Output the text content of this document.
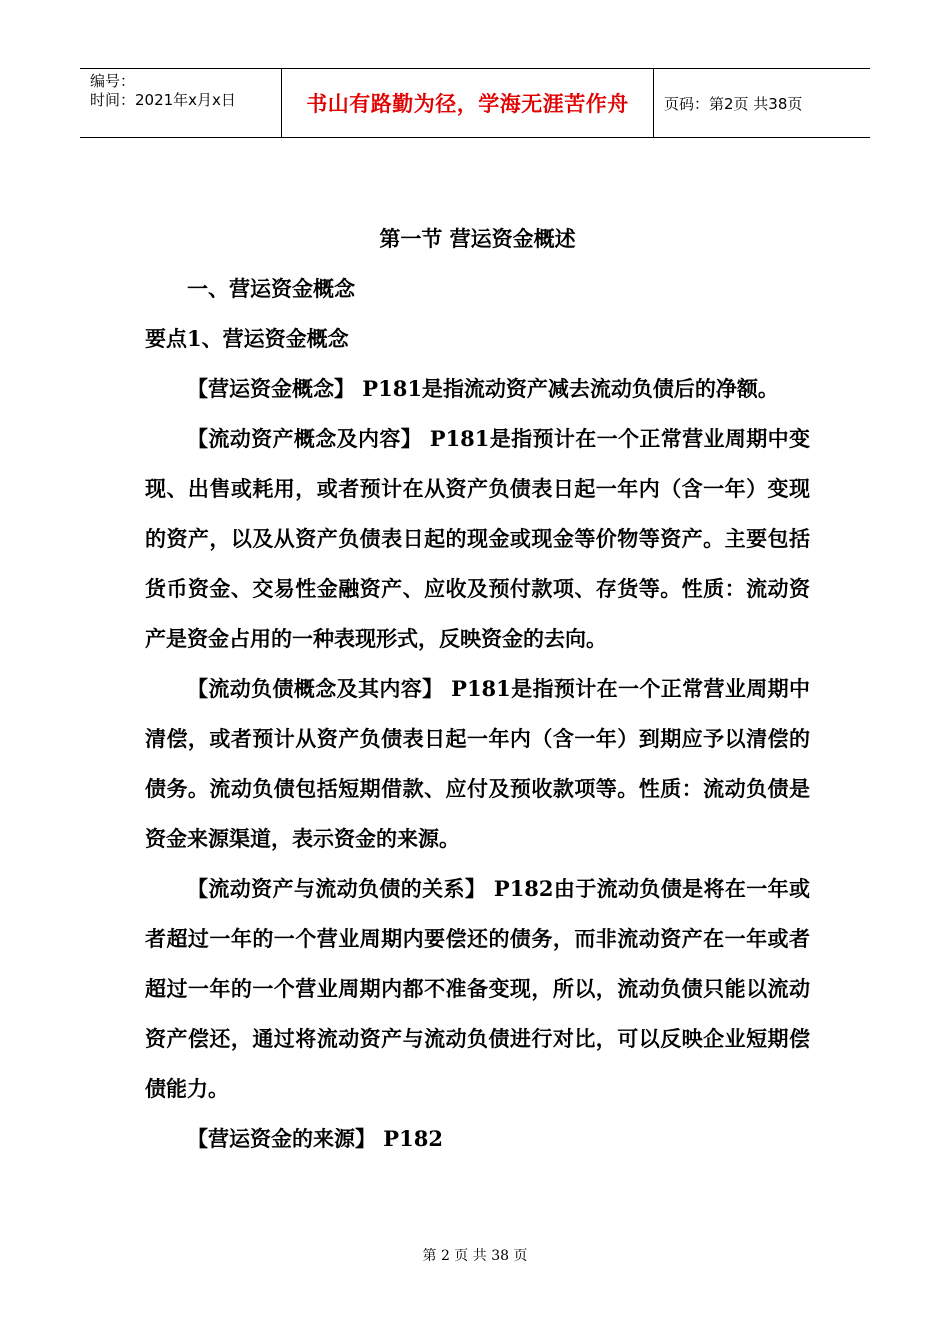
编号：
时间：2021年x月x日	书山有路勤为径，学海无涯苦作舟 页码：第2页 共38页

第一节 营运资金概述

一、营运资金概念

要点1、营运资金概念

【营运资金概念】 P181是指流动资产减去流动负债后的净额。

【流动资产概念及内容】 P181是指预计在一个正常营业周期中变现、出售或耗用，或者预计在从资产负债表日起一年内（含一年）变现的资产，以及从资产负债表日起的现金或现金等价物等资产。主要包括货币资金、交易性金融资产、应收及预付款项、存货等。性质：流动资产是资金占用的一种表现形式，反映资金的去向。

【流动负债概念及其内容】 P181是指预计在一个正常营业周期中清偿，或者预计从资产负债表日起一年内（含一年）到期应予以清偿的债务。流动负债包括短期借款、应付及预收款项等。性质：流动负债是资金来源渠道，表示资金的来源。

【流动资产与流动负债的关系】 P182由于流动负债是将在一年或者超过一年的一个营业周期内要偿还的债务，而非流动资产在一年或者超过一年的一个营业周期内都不准备变现，所以，流动负债只能以流动资产偿还，通过将流动资产与流动负债进行对比，可以反映企业短期偿债能力。

【营运资金的来源】 P182

第 2 页 共 38 页
